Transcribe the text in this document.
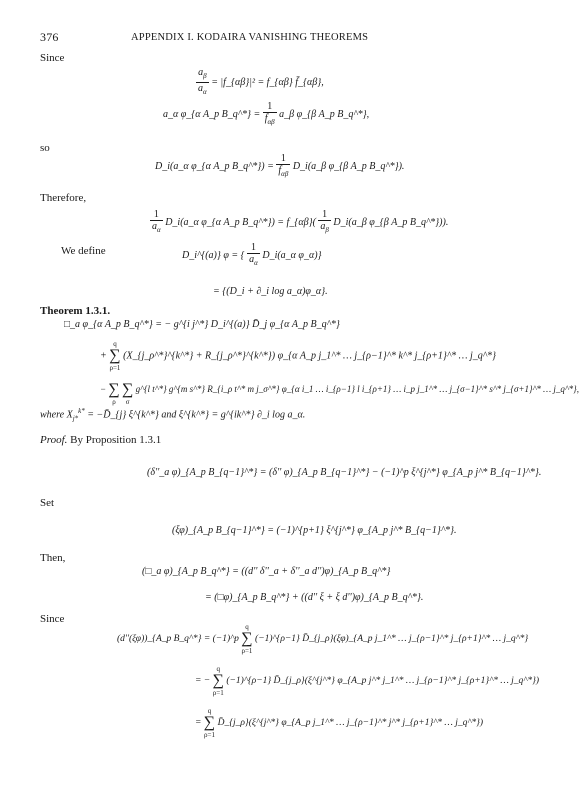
376	APPENDIX I. KODAIRA VANISHING THEOREMS
Since
$\frac{a_\beta}{a_\alpha}$ = |f_{αβ}|² = f_{αβ} f̄_{αβ},
a_α φ_{α A_p B_q^*} = $\frac{1}{f̄_{\alpha\beta}}$ a_β φ_{β A_p B_q^*},
so
D_i(a_α φ_{α A_p B_q^*}) = $\frac{1}{f̄_{\alpha\beta}}$ D_i(a_β φ_{β A_p B_q^*}).
Therefore,
$\frac{1}{a_\alpha}$ D_i(a_α φ_{α A_p B_q^*}) = f_{αβ}( $\frac{1}{a_\beta}$ D_i(a_β φ_{β A_p B_q^*})).
We define	D_i^{(a)} φ = { $\frac{1}{a_\alpha}$ D_i(a_α φ_α)}
= {(D_i + ∂_i log a_α)φ_α}.
Theorem 1.3.1.
□_a φ_{α A_p B_q^*} = − g^{i j^*} D_i^{(a)} D̄_j φ_{α A_p B_q^*}
+
q
∑
ρ=1
(X_{j_ρ^*}^{k^*} + R_{j_ρ^*}^{k^*}) φ_{α A_p j_1^* … j_{ρ−1}^* k^* j_{ρ+1}^* … j_q^*}
−
∑
ρ

∑
σ
g^{l t^*} g^{m s^*} R_{i_ρ t^* m j_σ^*} φ_{α i_1 … i_{ρ−1} l i_{ρ+1} … i_p j_1^* … j_{σ−1}^* s^* j_{σ+1}^* … j_q^*},
where $X_{j*}^{k*}$ = −D̄_{j} ξ^{k^*} and ξ^{k^*} = g^{ik^*} ∂_i log a_α.
Proof. By Proposition 1.3.1
(δ''_a φ)_{A_p B_{q−1}^*} = (δ'' φ)_{A_p B_{q−1}^*} − (−1)^p ξ^{j^*} φ_{A_p j^* B_{q−1}^*}.
Set
(ξφ)_{A_p B_{q−1}^*} = (−1)^{p+1} ξ^{j^*} φ_{A_p j^* B_{q−1}^*}.
Then,
(□_a φ)_{A_p B_q^*} = ((d'' δ''_a + δ''_a d'')φ)_{A_p B_q^*}
= (□φ)_{A_p B_q^*} + ((d'' ξ + ξ d'')φ)_{A_p B_q^*}.
Since
(d''(ξφ))_{A_p B_q^*} = (−1)^p
q
∑
ρ=1
(−1)^{ρ−1} D̄_{j_ρ}(ξφ)_{A_p j_1^* … j_{ρ−1}^* j_{ρ+1}^* … j_q^*}
= −
q
∑
ρ=1
(−1)^{ρ−1} D̄_{j_ρ}(ξ^{j^*} φ_{A_p j^* j_1^* … j_{ρ−1}^* j_{ρ+1}^* … j_q^*})
=
q
∑
ρ=1
D̄_{j_ρ}(ξ^{j^*} φ_{A_p j_1^* … j_{ρ−1}^* j^* j_{ρ+1}^* … j_q^*})
